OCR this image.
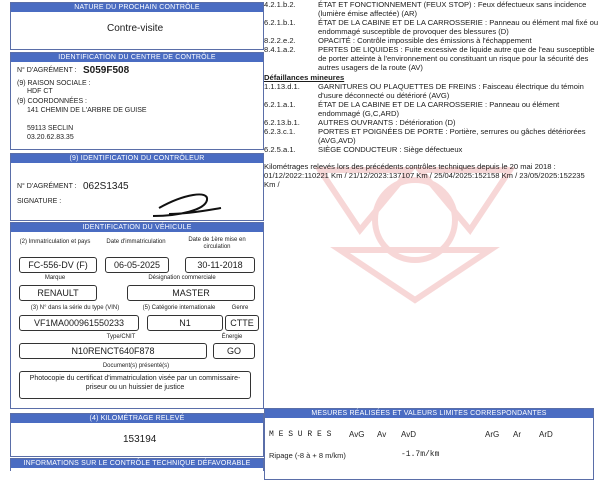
NATURE DU PROCHAIN CONTRÔLE
Contre-visite
IDENTIFICATION DU CENTRE DE CONTRÔLE
N° D'AGRÉMENT : S059F508
(9) RAISON SOCIALE :
HDF CT
(9) COORDONNÉES :
141 CHEMIN DE L'ARBRE DE GUISE
59113 SECLIN
03.20.62.83.35
(9) IDENTIFICATION DU CONTRÔLEUR
N° D'AGRÉMENT : 062S1345
SIGNATURE :
IDENTIFICATION DU VÉHICULE
(2) Immatriculation et pays	Date d'immatriculation	Date de 1ère mise en circulation
FC-556-DV (F)	06-05-2025	30-11-2018
Marque	Désignation commerciale
RENAULT	MASTER
(3) N° dans la série du type (VIN)	(5) Catégorie internationale	Genre
VF1MA000961550233	N1	CTTE
Type/CNIT	Énergie
N10RENCT640F878	GO
Document(s) présenté(s)
Photocopie du certificat d'immatriculation visée par un commissaire-priseur ou un huissier de justice
(4) KILOMÉTRAGE RELEVÉ
153194
INFORMATIONS SUR LE CONTRÔLE TECHNIQUE DÉFAVORABLE
4.2.1.b.2.	ÉTAT ET FONCTIONNEMENT (FEUX STOP) : Feux défectueux sans incidence (lumière émise affectée) (AR)
6.2.1.b.1.	ÉTAT DE LA CABINE ET DE LA CARROSSERIE : Panneau ou élément mal fixé ou endommagé susceptible de provoquer des blessures (D)
8.2.2.e.2.	OPACITÉ : Contrôle impossible des émissions à l'échappement
8.4.1.a.2.	PERTES DE LIQUIDES : Fuite excessive de liquide autre que de l'eau susceptible de porter atteinte à l'environnement ou constituant un risque pour la sécurité des autres usagers de la route (AV)
Défaillances mineures
1.1.13.d.1.	GARNITURES OU PLAQUETTES DE FREINS : Faisceau électrique du témoin d'usure déconnecté ou détérioré (AVG)
6.2.1.a.1.	ÉTAT DE LA CABINE ET DE LA CARROSSERIE : Panneau ou élément endommagé (G,C,ARD)
6.2.13.b.1.	AUTRES OUVRANTS : Détérioration (D)
6.2.3.c.1.	PORTES ET POIGNÉES DE PORTE : Portière, serrures ou gâches détériorées (AVG,AVD)
6.2.5.a.1.	SIÈGE CONDUCTEUR : Siège défectueux
Kilométrages relevés lors des précédents contrôles techniques depuis le 20 mai 2018 : 01/12/2022:110221 Km / 21/12/2023:137107 Km / 25/04/2025:152158 Km / 23/05/2025:152235 Km /
MESURES RÉALISÉES ET VALEURS LIMITES CORRESPONDANTES
M E S U R E S AvG Av AvD	ArG Ar ArD
Ripage (-8 à + 8 m/km)	-1.7m/km
